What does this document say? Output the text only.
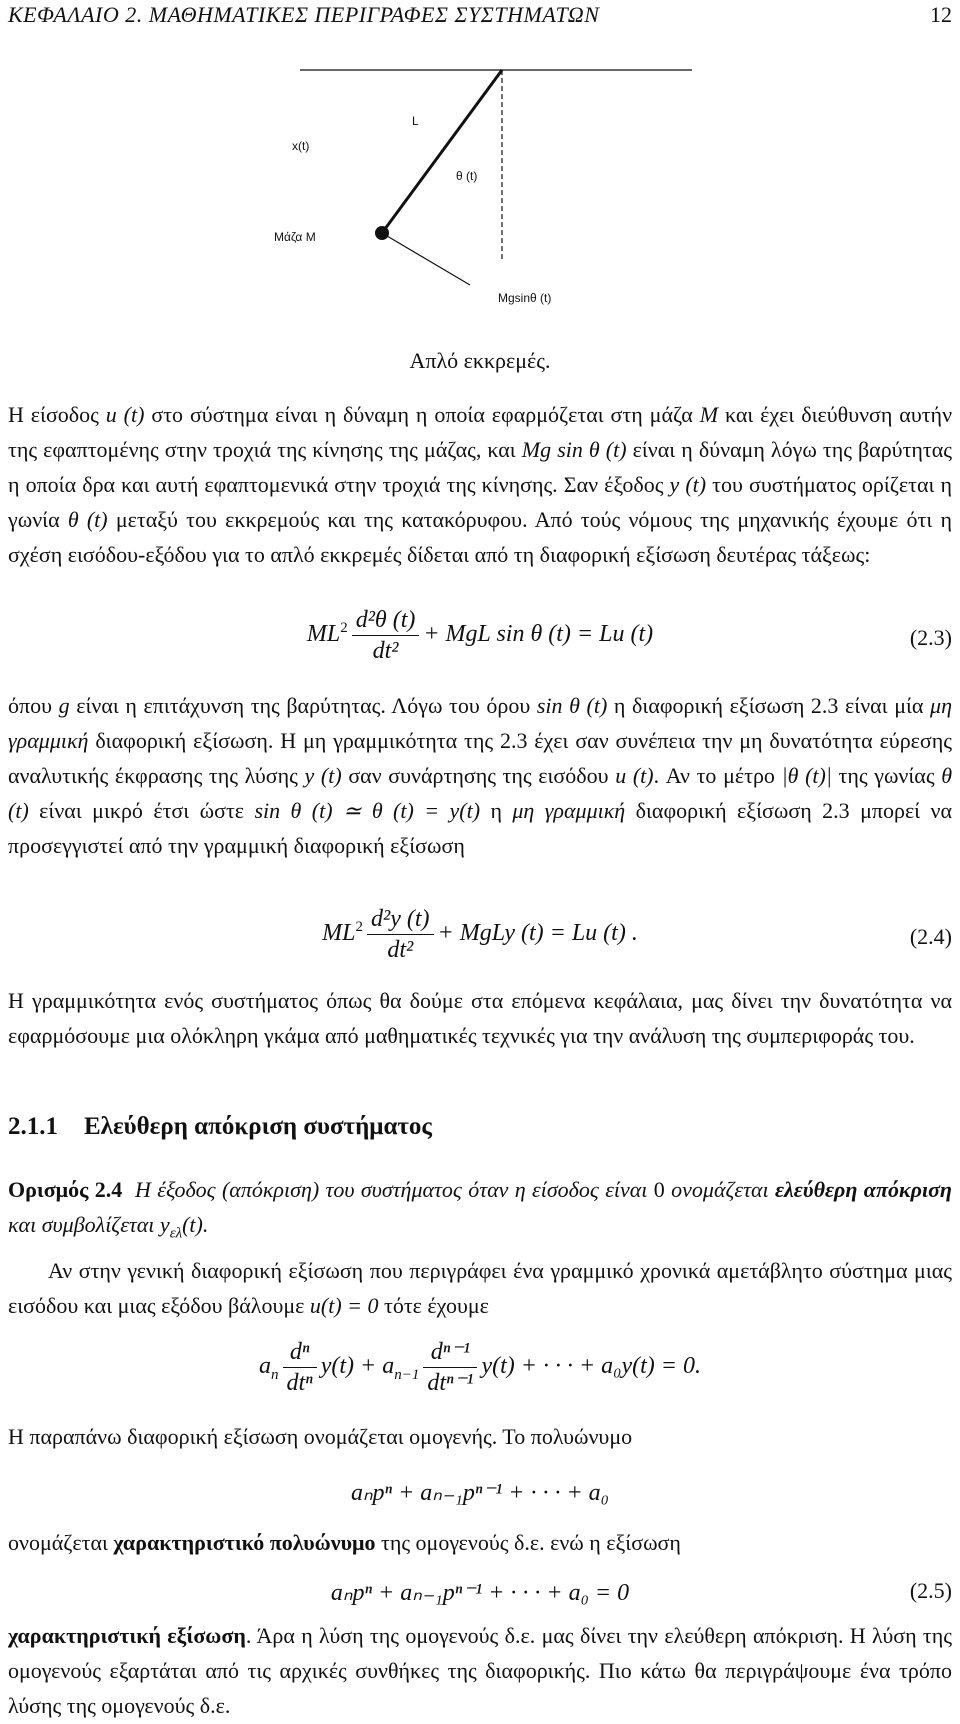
ΚΕΦΑΛΑΙΟ 2. ΜΑΘΗΜΑΤΙΚΕΣ ΠΕΡΙΓΡΑΦΕΣ ΣΥΣΤΗΜΑΤΩΝ	12
L
x(t)
θ (t)
Μάζα M
Mgsinθ (t)
Απλό εκκρεμές.
Η είσοδος u (t) στο σύστημα είναι η δύναμη η οποία εφαρμόζεται στη μάζα M και έχει διεύθυνση αυτήν της εφαπτομένης στην τροχιά της κίνησης της μάζας, και Mg sin θ (t) είναι η δύναμη λόγω της βαρύτητας η οποία δρα και αυτή εφαπτομενικά στην τροχιά της κίνησης. Σαν έξοδος y (t) του συστήματος ορίζεται η γωνία θ (t) μεταξύ του εκκρεμούς και της κατακόρυφου. Από τούς νόμους της μηχανικής έχουμε ότι η σχέση εισόδου-εξόδου για το απλό εκκρεμές δίδεται από τη διαφορική εξίσωση δευτέρας τάξεως:
$ML^2 \frac{\text{d²θ (t)}}{\text{dt²}}$ + MgL sin θ (t) = Lu (t)	(2.3)
όπου g είναι η επιτάχυνση της βαρύτητας. Λόγω του όρου sin θ (t) η διαφορική εξίσωση 2.3 είναι μία μη γραμμική διαφορική εξίσωση. Η μη γραμμικότητα της 2.3 έχει σαν συνέπεια την μη δυνατότητα εύρεσης αναλυτικής έκφρασης της λύσης y (t) σαν συνάρτησης της εισόδου u (t). Αν το μέτρο |θ (t)| της γωνίας θ (t) είναι μικρό έτσι ώστε sin θ (t) ≃ θ (t) = y(t) η μη γραμμική διαφορική εξίσωση 2.3 μπορεί να προσεγγιστεί από την γραμμική διαφορική εξίσωση
$ML^2 \frac{\text{d²y (t)}}{\text{dt²}}$ + MgLy (t) = Lu (t) .	(2.4)
Η γραμμικότητα ενός συστήματος όπως θα δούμε στα επόμενα κεφάλαια, μας δίνει την δυνατότητα να εφαρμόσουμε μια ολόκληρη γκάμα από μαθηματικές τεχνικές για την ανάλυση της συμπεριφοράς του.
2.1.1 Ελεύθερη απόκριση συστήματος
Ορισμός 2.4 Η έξοδος (απόκριση) του συστήματος όταν η είσοδος είναι 0 ονομάζεται ελεύθερη απόκριση και συμβολίζεται $y_{\varepsilon\lambda}(t)$.
Αν στην γενική διαφορική εξίσωση που περιγράφει ένα γραμμικό χρονικά αμετάβλητο σύστημα μιας εισόδου και μιας εξόδου βάλουμε u(t) = 0 τότε έχουμε
$a_n \frac{\text{dⁿ}}{\text{dtⁿ}} y(t) + a_{n-1} \frac{\text{dⁿ⁻¹}}{\text{dtⁿ⁻¹}} y(t)$ + · · · + a₀y(t) = 0.
Η παραπάνω διαφορική εξίσωση ονομάζεται ομογενής. Το πολυώνυμο
aₙpⁿ + aₙ₋₁pⁿ⁻¹ + · · · + a₀
ονομάζεται χαρακτηριστικό πολυώνυμο της ομογενούς δ.ε. ενώ η εξίσωση
aₙpⁿ + aₙ₋₁pⁿ⁻¹ + · · · + a₀ = 0	(2.5)
χαρακτηριστική εξίσωση. Άρα η λύση της ομογενούς δ.ε. μας δίνει την ελεύθερη απόκριση. Η λύση της ομογενούς εξαρτάται από τις αρχικές συνθήκες της διαφορικής. Πιο κάτω θα περιγράψουμε ένα τρόπο λύσης της ομογενούς δ.ε.
